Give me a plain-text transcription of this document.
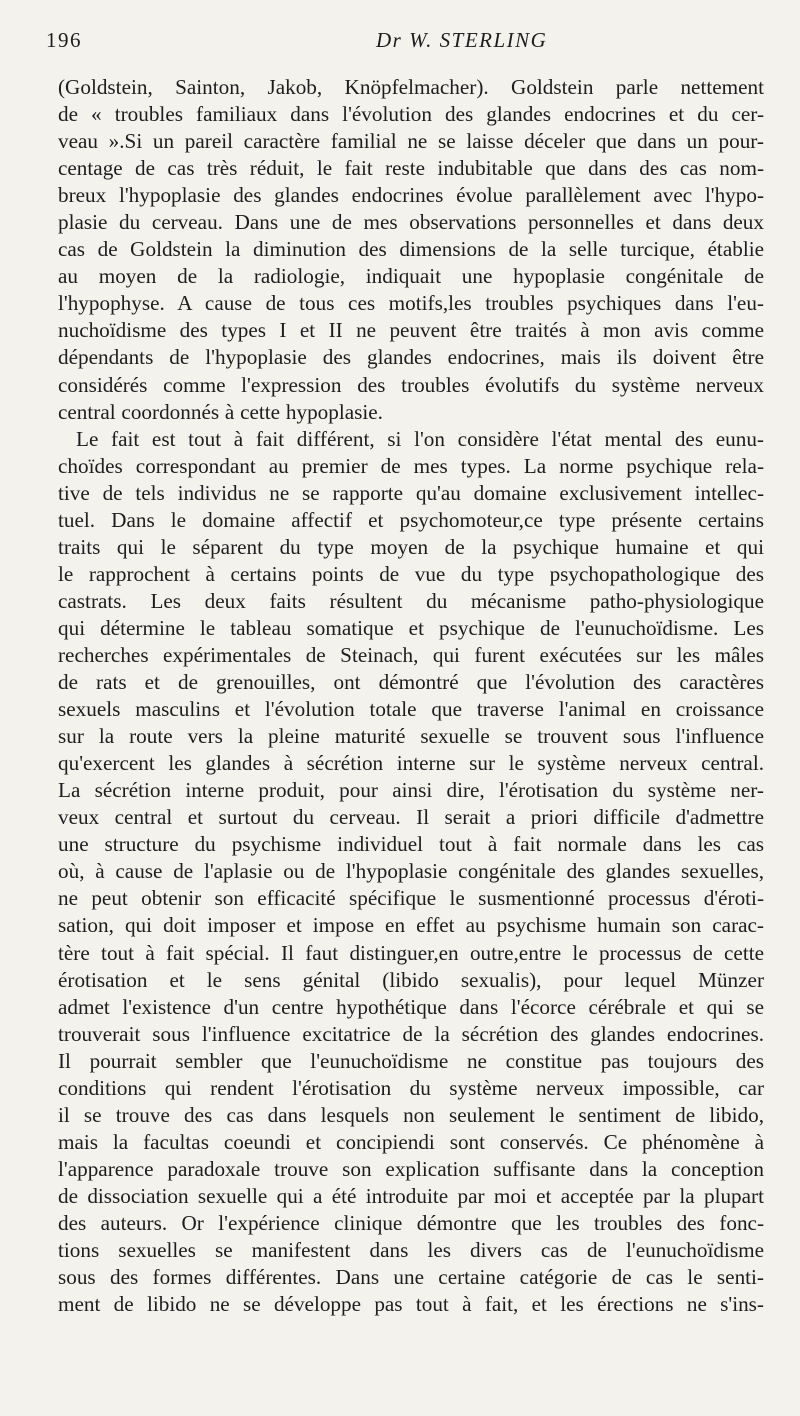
196	Dr W. STERLING
(Goldstein, Sainton, Jakob, Knöpfelmacher). Goldstein parle nettement
de « troubles familiaux dans l'évolution des glandes endocrines et du cer-
veau ».Si un pareil caractère familial ne se laisse déceler que dans un pour-
centage de cas très réduit, le fait reste indubitable que dans des cas nom-
breux l'hypoplasie des glandes endocrines évolue parallèlement avec l'hypo-
plasie du cerveau. Dans une de mes observations personnelles et dans deux
cas de Goldstein la diminution des dimensions de la selle turcique, établie
au moyen de la radiologie, indiquait une hypoplasie congénitale de
l'hypophyse. A cause de tous ces motifs,les troubles psychiques dans l'eu-
nuchoïdisme des types I et II ne peuvent être traités à mon avis comme
dépendants de l'hypoplasie des glandes endocrines, mais ils doivent être
considérés comme l'expression des troubles évolutifs du système nerveux
central coordonnés à cette hypoplasie.
Le fait est tout à fait différent, si l'on considère l'état mental des eunu-
choïdes correspondant au premier de mes types. La norme psychique rela-
tive de tels individus ne se rapporte qu'au domaine exclusivement intellec-
tuel. Dans le domaine affectif et psychomoteur,ce type présente certains
traits qui le séparent du type moyen de la psychique humaine et qui
le rapprochent à certains points de vue du type psychopathologique des
castrats. Les deux faits résultent du mécanisme patho-physiologique
qui détermine le tableau somatique et psychique de l'eunuchoïdisme. Les
recherches expérimentales de Steinach, qui furent exécutées sur les mâles
de rats et de grenouilles, ont démontré que l'évolution des caractères
sexuels masculins et l'évolution totale que traverse l'animal en croissance
sur la route vers la pleine maturité sexuelle se trouvent sous l'influence
qu'exercent les glandes à sécrétion interne sur le système nerveux central.
La sécrétion interne produit, pour ainsi dire, l'érotisation du système ner-
veux central et surtout du cerveau. Il serait a priori difficile d'admettre
une structure du psychisme individuel tout à fait normale dans les cas
où, à cause de l'aplasie ou de l'hypoplasie congénitale des glandes sexuelles,
ne peut obtenir son efficacité spécifique le susmentionné processus d'éroti-
sation, qui doit imposer et impose en effet au psychisme humain son carac-
tère tout à fait spécial. Il faut distinguer,en outre,entre le processus de cette
érotisation et le sens génital (libido sexualis), pour lequel Münzer
admet l'existence d'un centre hypothétique dans l'écorce cérébrale et qui se
trouverait sous l'influence excitatrice de la sécrétion des glandes endocrines.
Il pourrait sembler que l'eunuchoïdisme ne constitue pas toujours des
conditions qui rendent l'érotisation du système nerveux impossible, car
il se trouve des cas dans lesquels non seulement le sentiment de libido,
mais la facultas coeundi et concipiendi sont conservés. Ce phénomène à
l'apparence paradoxale trouve son explication suffisante dans la conception
de dissociation sexuelle qui a été introduite par moi et acceptée par la plupart
des auteurs. Or l'expérience clinique démontre que les troubles des fonc-
tions sexuelles se manifestent dans les divers cas de l'eunuchoïdisme
sous des formes différentes. Dans une certaine catégorie de cas le senti-
ment de libido ne se développe pas tout à fait, et les érections ne s'ins-
